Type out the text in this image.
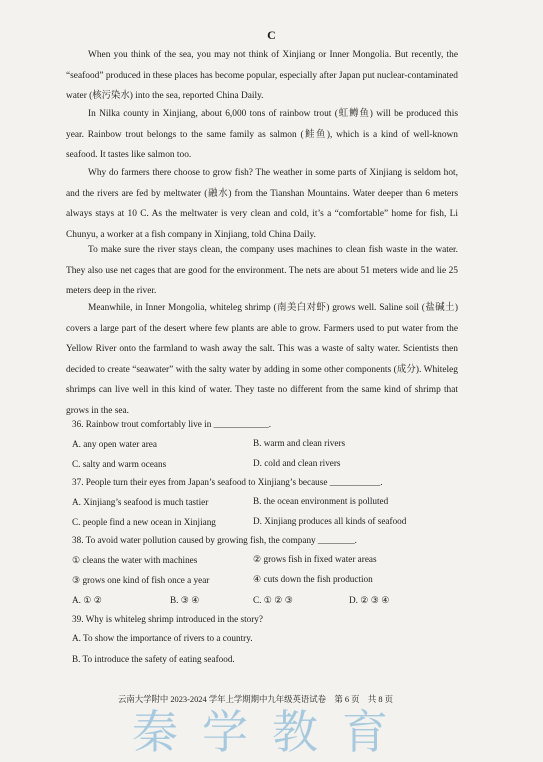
C
When you think of the sea, you may not think of Xinjiang or Inner Mongolia. But recently, the “seafood” produced in these places has become popular, especially after Japan put nuclear-contaminated water (核污染水) into the sea, reported China Daily.
In Nilka county in Xinjiang, about 6,000 tons of rainbow trout (虹鳟鱼) will be produced this year. Rainbow trout belongs to the same family as salmon (鲑鱼), which is a kind of well-known seafood. It tastes like salmon too.
Why do farmers there choose to grow fish? The weather in some parts of Xinjiang is seldom hot, and the rivers are fed by meltwater (融水) from the Tianshan Mountains. Water deeper than 6 meters always stays at 10 C. As the meltwater is very clean and cold, it’s a “comfortable” home for fish, Li Chunyu, a worker at a fish company in Xinjiang, told China Daily.
To make sure the river stays clean, the company uses machines to clean fish waste in the water. They also use net cages that are good for the environment. The nets are about 51 meters wide and lie 25 meters deep in the river.
Meanwhile, in Inner Mongolia, whiteleg shrimp (南美白对虾) grows well. Saline soil (盐碱土) covers a large part of the desert where few plants are able to grow. Farmers used to put water from the Yellow River onto the farmland to wash away the salt. This was a waste of salty water. Scientists then decided to create “seawater” with the salty water by adding in some other components (成分). Whiteleg shrimps can live well in this kind of water. They taste no different from the same kind of shrimp that grows in the sea.
36. Rainbow trout comfortably live in ____________.
A. any open water area	B. warm and clean rivers
C. salty and warm oceans	D. cold and clean rivers
37. People turn their eyes from Japan’s seafood to Xinjiang’s because ___________.
A. Xinjiang’s seafood is much tastier	B. the ocean environment is polluted
C. people find a new ocean in Xinjiang	D. Xinjiang produces all kinds of seafood
38. To avoid water pollution caused by growing fish, the company ________.
① cleans the water with machines	② grows fish in fixed water areas
③ grows one kind of fish once a year	④ cuts down the fish production
A. ① ②	B. ③ ④	C. ① ② ③	D. ② ③ ④
39. Why is whiteleg shrimp introduced in the story?
A. To show the importance of rivers to a country.
B. To introduce the safety of eating seafood.
云南大学附中 2023-2024 学年上学期期中九年级英语试卷　第 6 页　共 8 页
秦学教育
